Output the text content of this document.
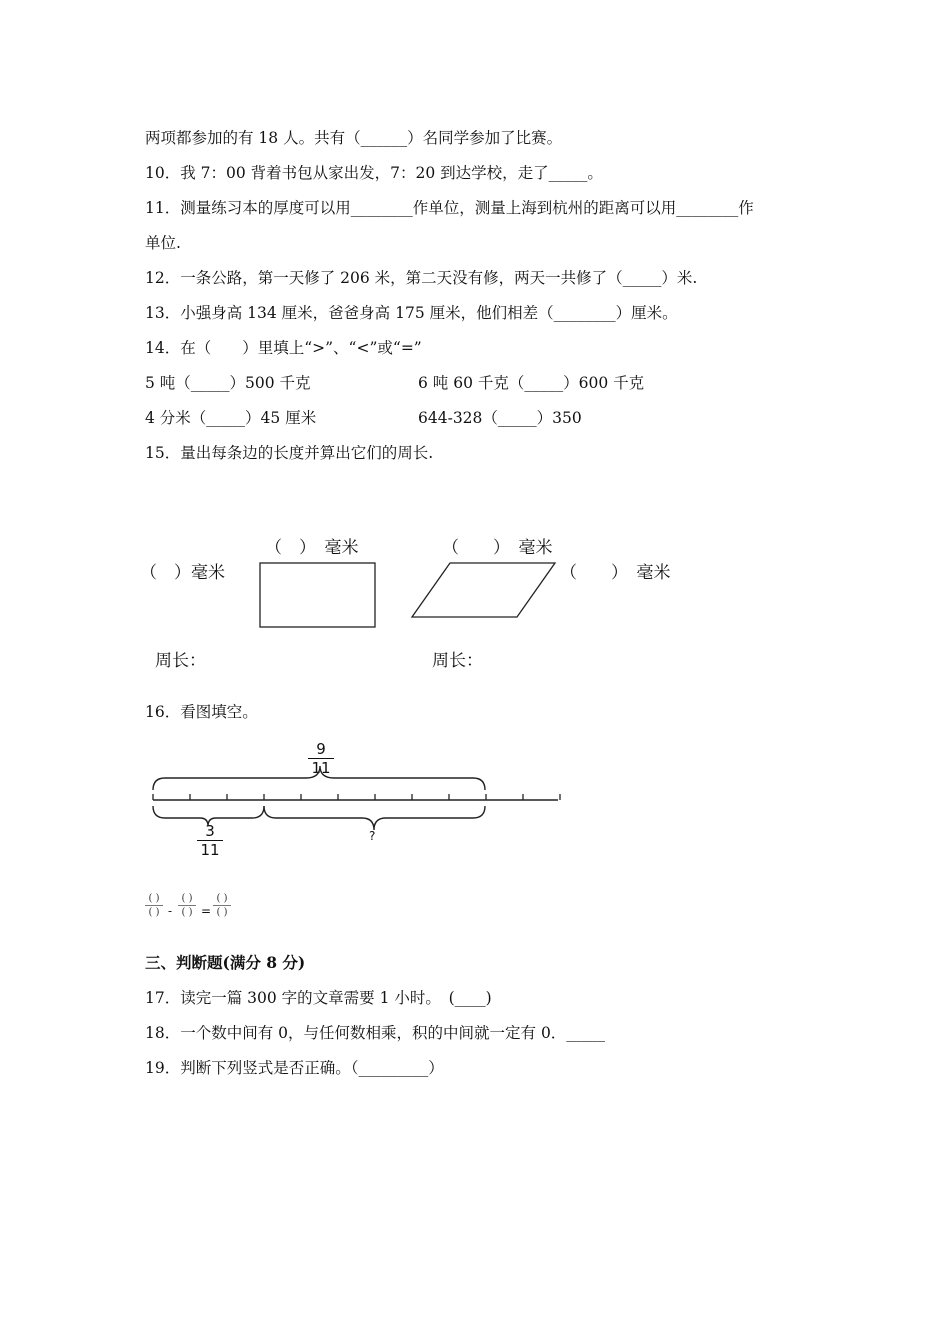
两项都参加的有 18 人。共有（______）名同学参加了比赛。
10．我 7：00 背着书包从家出发，7：20 到达学校，走了_____。
11．测量练习本的厚度可以用________作单位，测量上海到杭州的距离可以用________作
单位.
12．一条公路，第一天修了 206 米，第二天没有修，两天一共修了（_____）米.
13．小强身高 134 厘米，爸爸身高 175 厘米，他们相差（________）厘米。
14．在（　　）里填上“>”、“<”或“=”
5 吨（_____）500 千克	6 吨 60 千克（_____）600 千克
4 分米（_____）45 厘米	644-328（_____）350
15．量出每条边的长度并算出它们的周长.
（　）　毫米
（　）毫米
（　　）　毫米
（　　）　毫米
周长：	周长：
16．看图填空。
9
11
?
3
11
( )
( ) -
( )
( ) =
( )
( )
三、判断题(满分 8 分)
17．读完一篇 300 字的文章需要 1 小时。　(____)
18．一个数中间有 0，与任何数相乘，积的中间就一定有 0．_____
19．判断下列竖式是否正确。（_________）
